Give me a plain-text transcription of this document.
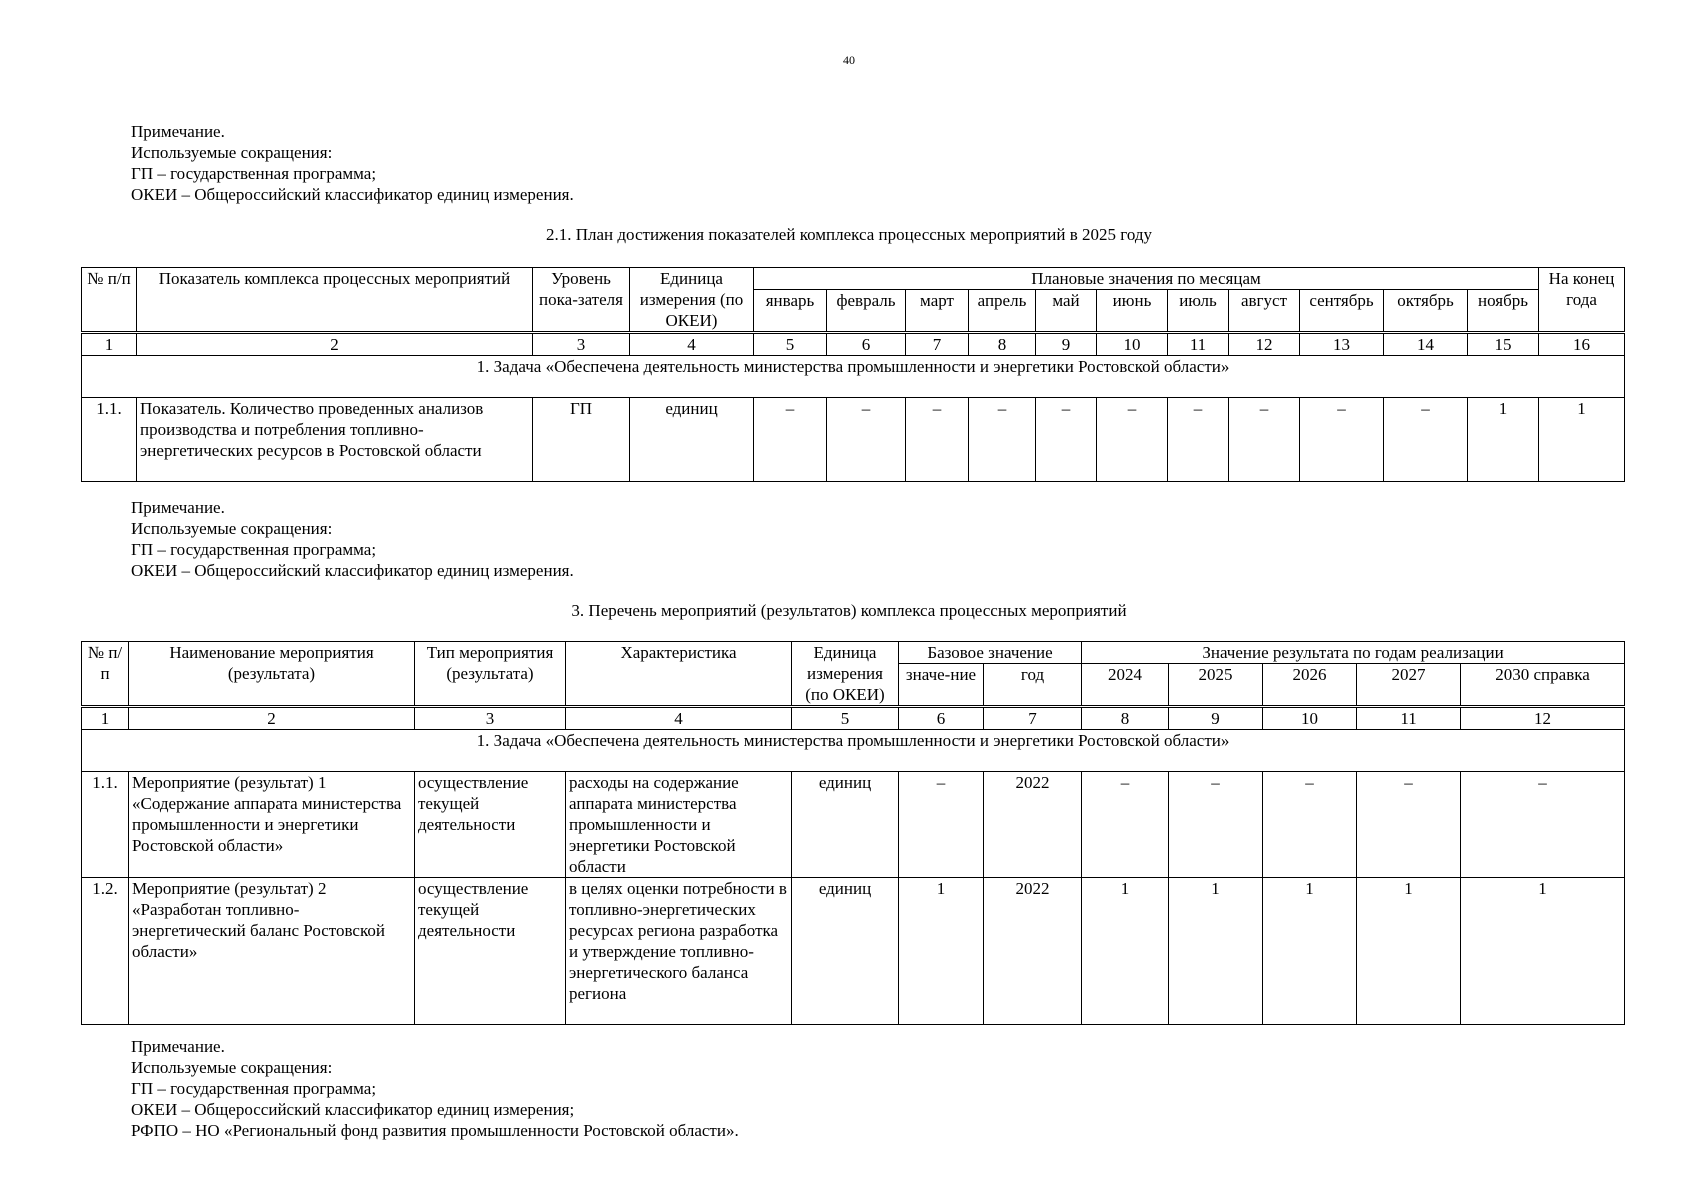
40
Примечание.
Используемые сокращения:
ГП – государственная программа;
ОКЕИ – Общероссийский классификатор единиц измерения.
2.1. План достижения показателей комплекса процессных мероприятий в 2025 году
№ п/п	Показатель комплекса процессных мероприятий	Уровень пока-зателя	Единица измерения (по ОКЕИ)	Плановые значения по месяцам											На конец года
				январь	февраль	март	апрель	май	июнь	июль	август	сентябрь	октябрь	ноябрь	
1	2	3	4	5	6	7	8	9	10	11	12	13	14	15	16
1. Задача «Обеспечена деятельность министерства промышленности и энергетики Ростовской области»															
1.1.	Показатель. Количество проведенных анализов производства и потребления топливно-энергетических ресурсов в Ростовской области	ГП	единиц	–	–	–	–	–	–	–	–	–	–	1	1
Примечание.
Используемые сокращения:
ГП – государственная программа;
ОКЕИ – Общероссийский классификатор единиц измерения.
3. Перечень мероприятий (результатов) комплекса процессных мероприятий
№ п/п	Наименование мероприятия (результата)	Тип мероприятия (результата)	Характеристика	Единица измерения (по ОКЕИ)	Базовое значение		Значение результата по годам реализации				
					значе-ние	год	2024	2025	2026	2027	2030 справка
1	2	3	4	5	6	7	8	9	10	11	12
1. Задача «Обеспечена деятельность министерства промышленности и энергетики Ростовской области»											
1.1.	Мероприятие (результат) 1 «Содержание аппарата министерства промышленности и энергетики Ростовской области»	осуществление текущей деятельности	расходы на содержание аппарата министерства промышленности и энергетики Ростовской области	единиц	–	2022	–	–	–	–	–
1.2.	Мероприятие (результат) 2 «Разработан топливно-энергетический баланс Ростовской области»	осуществление текущей деятельности	в целях оценки потребности в топливно-энергетических ресурсах региона разработка и утверждение топливно-энергетического баланса региона	единиц	1	2022	1	1	1	1	1
Примечание.
Используемые сокращения:
ГП – государственная программа;
ОКЕИ – Общероссийский классификатор единиц измерения;
РФПО – НО «Региональный фонд развития промышленности Ростовской области».
